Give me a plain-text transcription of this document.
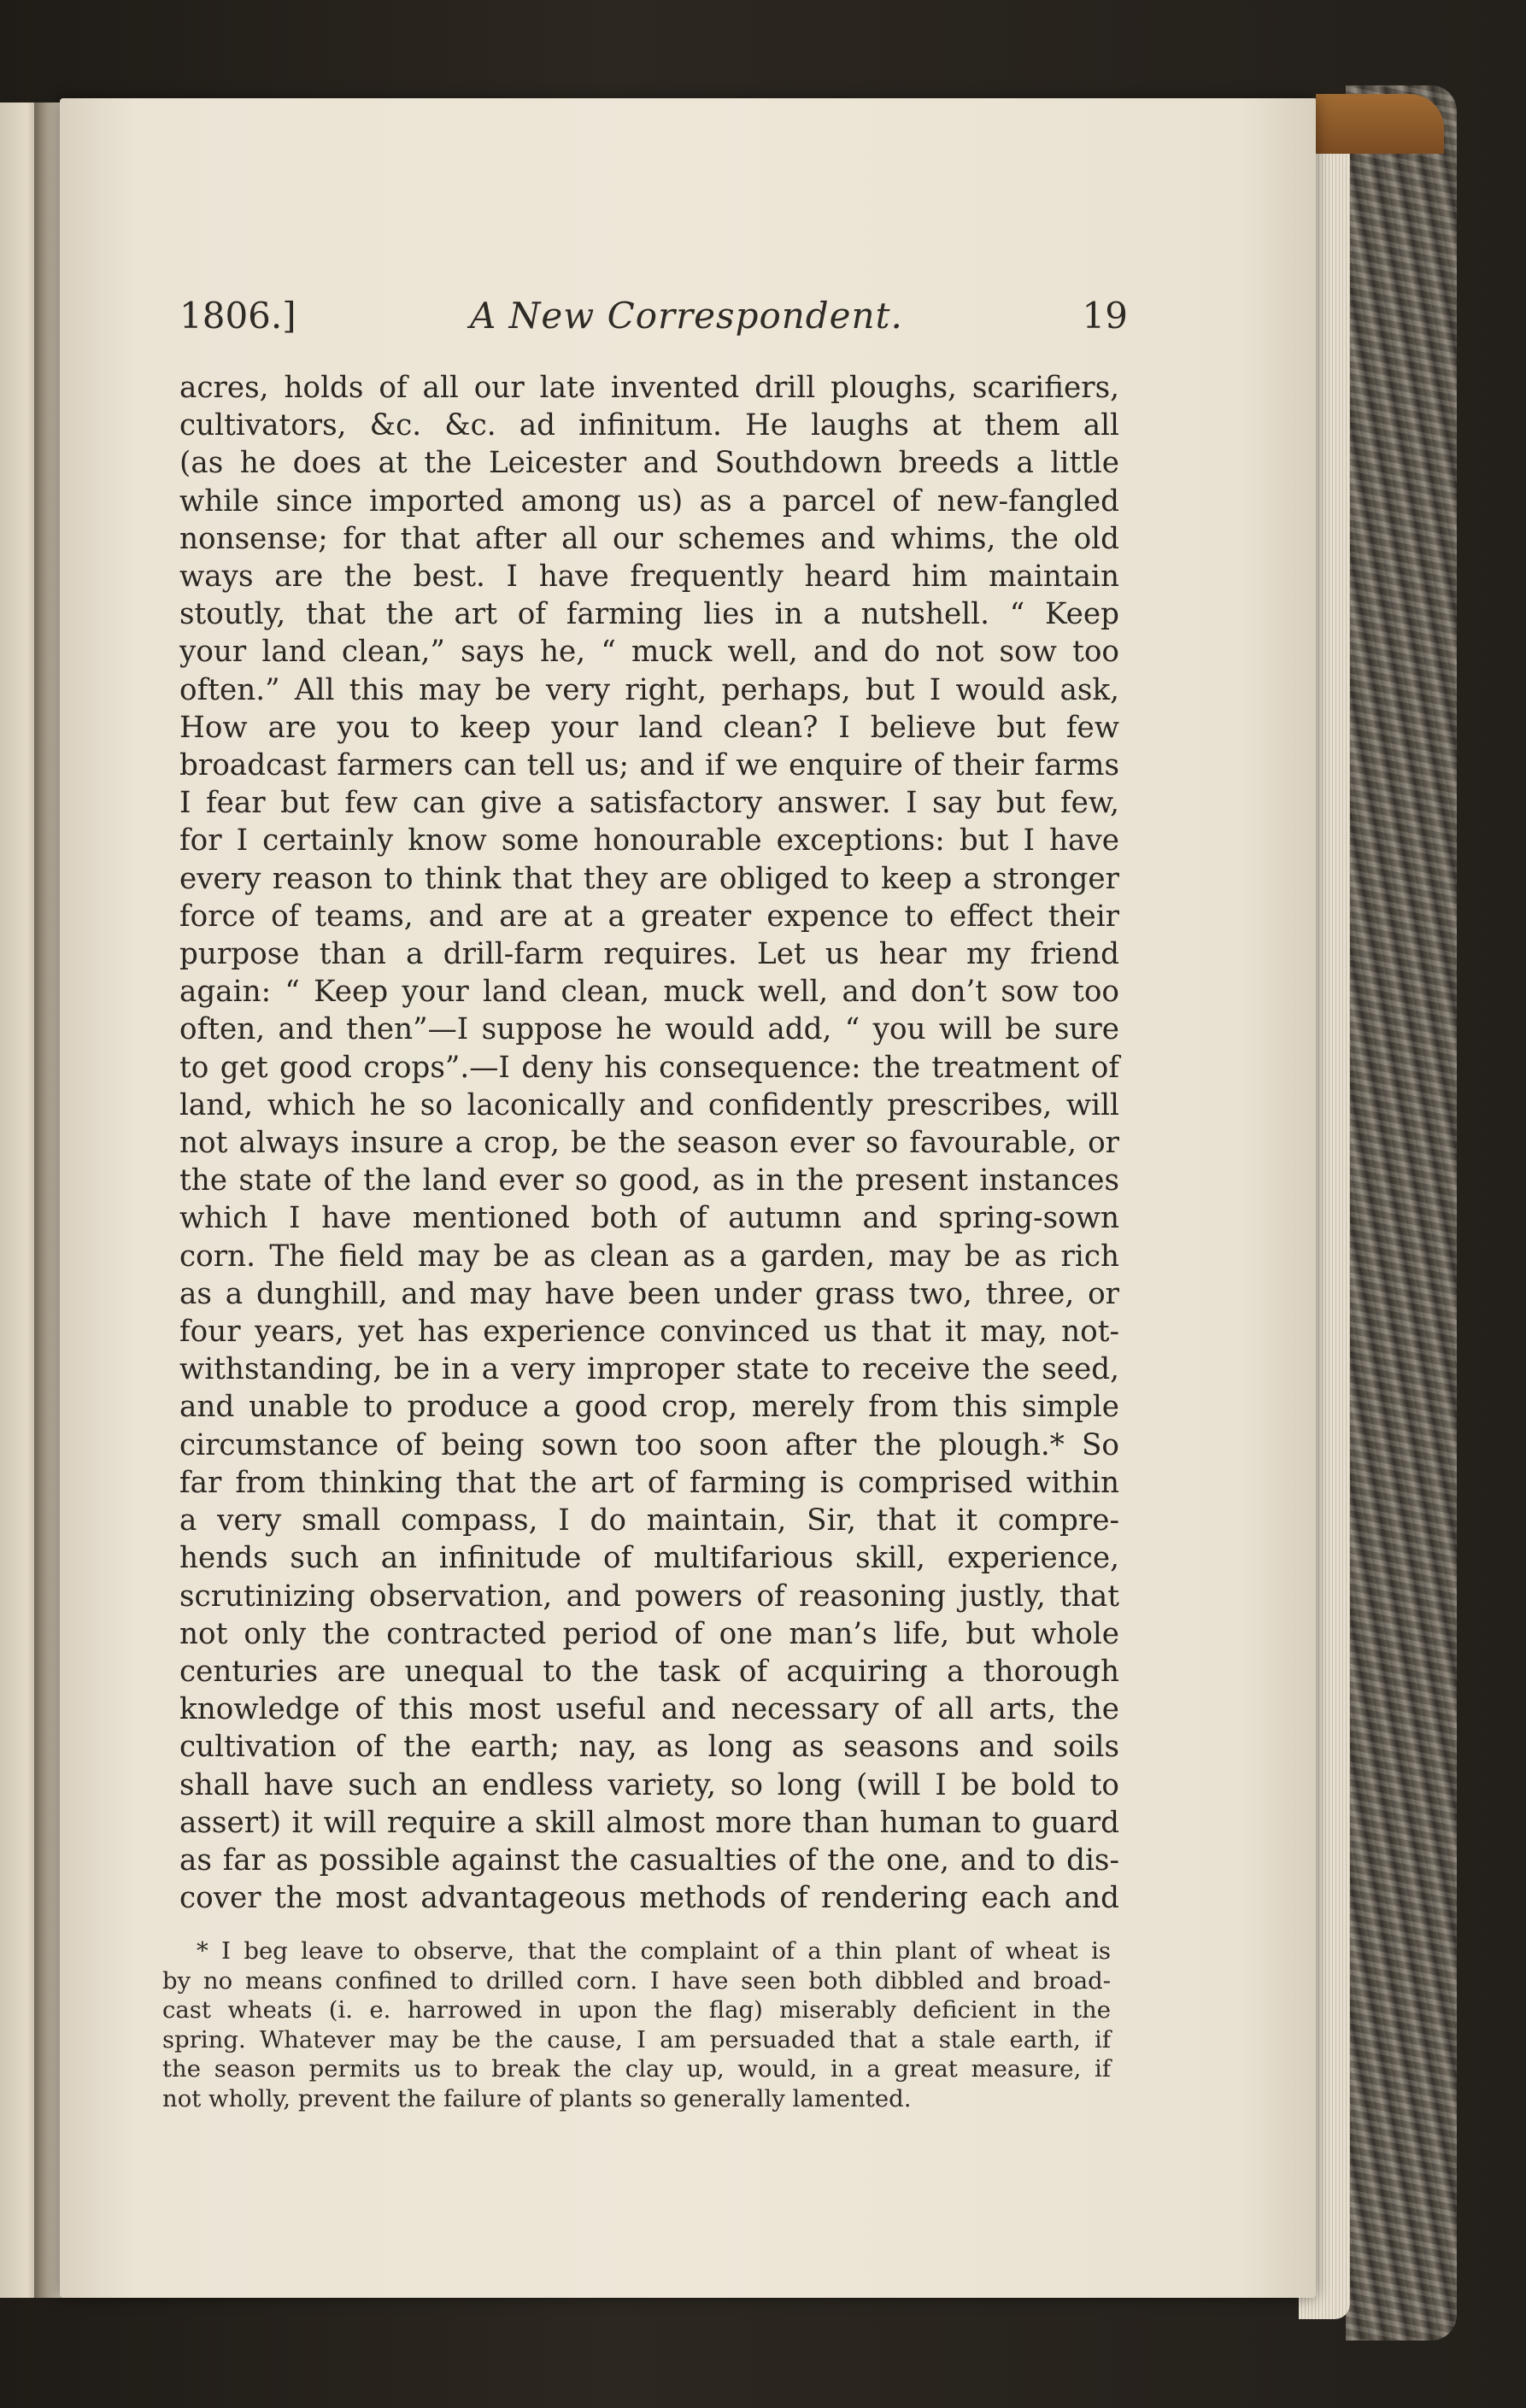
1806.]	A New Correspondent.	19
acres, holds of all our late invented drill ploughs, scarifiers,
cultivators, &c. &c. ad infinitum. He laughs at them all
(as he does at the Leicester and Southdown breeds a little
while since imported among us) as a parcel of new-fangled
nonsense; for that after all our schemes and whims, the old
ways are the best. I have frequently heard him maintain
stoutly, that the art of farming lies in a nutshell. “ Keep
your land clean,” says he, “ muck well, and do not sow too
often.” All this may be very right, perhaps, but I would ask,
How are you to keep your land clean? I believe but few
broadcast farmers can tell us; and if we enquire of their farms
I fear but few can give a satisfactory answer. I say but few,
for I certainly know some honourable exceptions: but I have
every reason to think that they are obliged to keep a stronger
force of teams, and are at a greater expence to effect their
purpose than a drill-farm requires. Let us hear my friend
again: “ Keep your land clean, muck well, and don’t sow too
often, and then”—I suppose he would add, “ you will be sure
to get good crops”.—I deny his consequence: the treatment of
land, which he so laconically and confidently prescribes, will
not always insure a crop, be the season ever so favourable, or
the state of the land ever so good, as in the present instances
which I have mentioned both of autumn and spring-sown
corn. The field may be as clean as a garden, may be as rich
as a dunghill, and may have been under grass two, three, or
four years, yet has experience convinced us that it may, not-
withstanding, be in a very improper state to receive the seed,
and unable to produce a good crop, merely from this simple
circumstance of being sown too soon after the plough.* So
far from thinking that the art of farming is comprised within
a very small compass, I do maintain, Sir, that it compre-
hends such an infinitude of multifarious skill, experience,
scrutinizing observation, and powers of reasoning justly, that
not only the contracted period of one man’s life, but whole
centuries are unequal to the task of acquiring a thorough
knowledge of this most useful and necessary of all arts, the
cultivation of the earth; nay, as long as seasons and soils
shall have such an endless variety, so long (will I be bold to
assert) it will require a skill almost more than human to guard
as far as possible against the casualties of the one, and to dis-
cover the most advantageous methods of rendering each and
* I beg leave to observe, that the complaint of a thin plant of wheat is
by no means confined to drilled corn. I have seen both dibbled and broad-
cast wheats (i. e. harrowed in upon the flag) miserably deficient in the
spring. Whatever may be the cause, I am persuaded that a stale earth, if
the season permits us to break the clay up, would, in a great measure, if
not wholly, prevent the failure of plants so generally lamented.
